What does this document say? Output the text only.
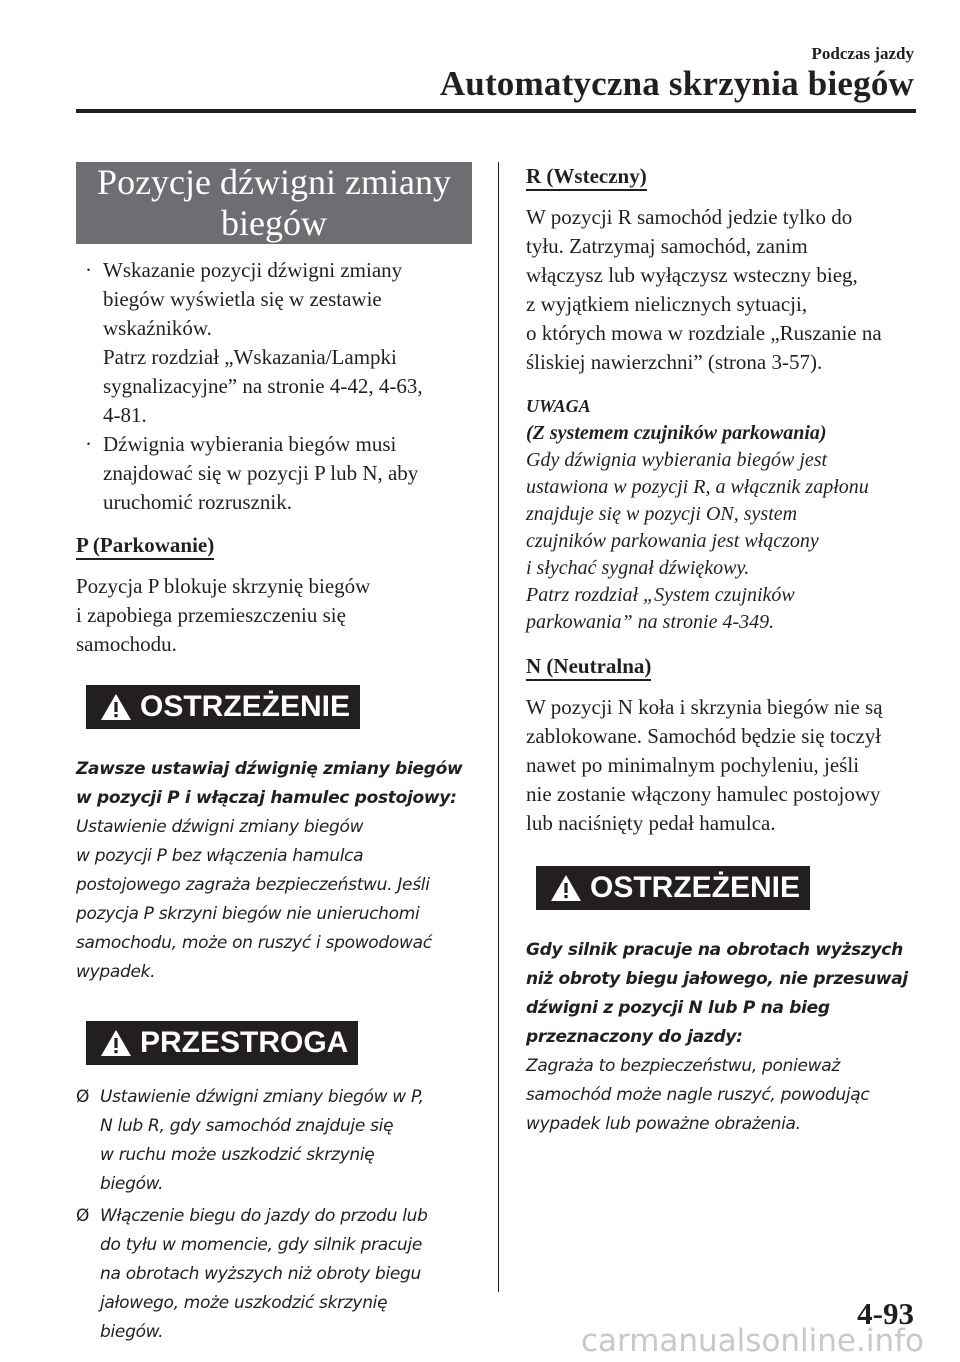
Podczas jazdy
Automatyczna skrzynia biegów
Pozycje dźwigni zmiany
biegów
· Wskazanie pozycji dźwigni zmiany
biegów wyświetla się w zestawie
wskaźników.
Patrz rozdział „Wskazania/Lampki
sygnalizacyjne” na stronie 4-42, 4-63,
4-81.
· Dźwignia wybierania biegów musi
znajdować się w pozycji P lub N, aby
uruchomić rozrusznik.
P (Parkowanie)
Pozycja P blokuje skrzynię biegów
i zapobiega przemieszczeniu się
samochodu.
OSTRZEŻENIE
Zawsze ustawiaj dźwignię zmiany biegów
w pozycji P i włączaj hamulec postojowy:
Ustawienie dźwigni zmiany biegów
w pozycji P bez włączenia hamulca
postojowego zagraża bezpieczeństwu. Jeśli
pozycja P skrzyni biegów nie unieruchomi
samochodu, może on ruszyć i spowodować
wypadek.
PRZESTROGA
Ø Ustawienie dźwigni zmiany biegów w P,
N lub R, gdy samochód znajduje się
w ruchu może uszkodzić skrzynię
biegów.
Ø Włączenie biegu do jazdy do przodu lub
do tyłu w momencie, gdy silnik pracuje
na obrotach wyższych niż obroty biegu
jałowego, może uszkodzić skrzynię
biegów.
R (Wsteczny)
W pozycji R samochód jedzie tylko do
tyłu. Zatrzymaj samochód, zanim
włączysz lub wyłączysz wsteczny bieg,
z wyjątkiem nielicznych sytuacji,
o których mowa w rozdziale „Ruszanie na
śliskiej nawierzchni” (strona 3-57).
UWAGA
(Z systemem czujników parkowania)
Gdy dźwignia wybierania biegów jest
ustawiona w pozycji R, a włącznik zapłonu
znajduje się w pozycji ON, system
czujników parkowania jest włączony
i słychać sygnał dźwiękowy.
Patrz rozdział „System czujników
parkowania” na stronie 4-349.
N (Neutralna)
W pozycji N koła i skrzynia biegów nie są
zablokowane. Samochód będzie się toczył
nawet po minimalnym pochyleniu, jeśli
nie zostanie włączony hamulec postojowy
lub naciśnięty pedał hamulca.
OSTRZEŻENIE
Gdy silnik pracuje na obrotach wyższych
niż obroty biegu jałowego, nie przesuwaj
dźwigni z pozycji N lub P na bieg
przeznaczony do jazdy:
Zagraża to bezpieczeństwu, ponieważ
samochód może nagle ruszyć, powodując
wypadek lub poważne obrażenia.
4-93
carmanualsonline.info
